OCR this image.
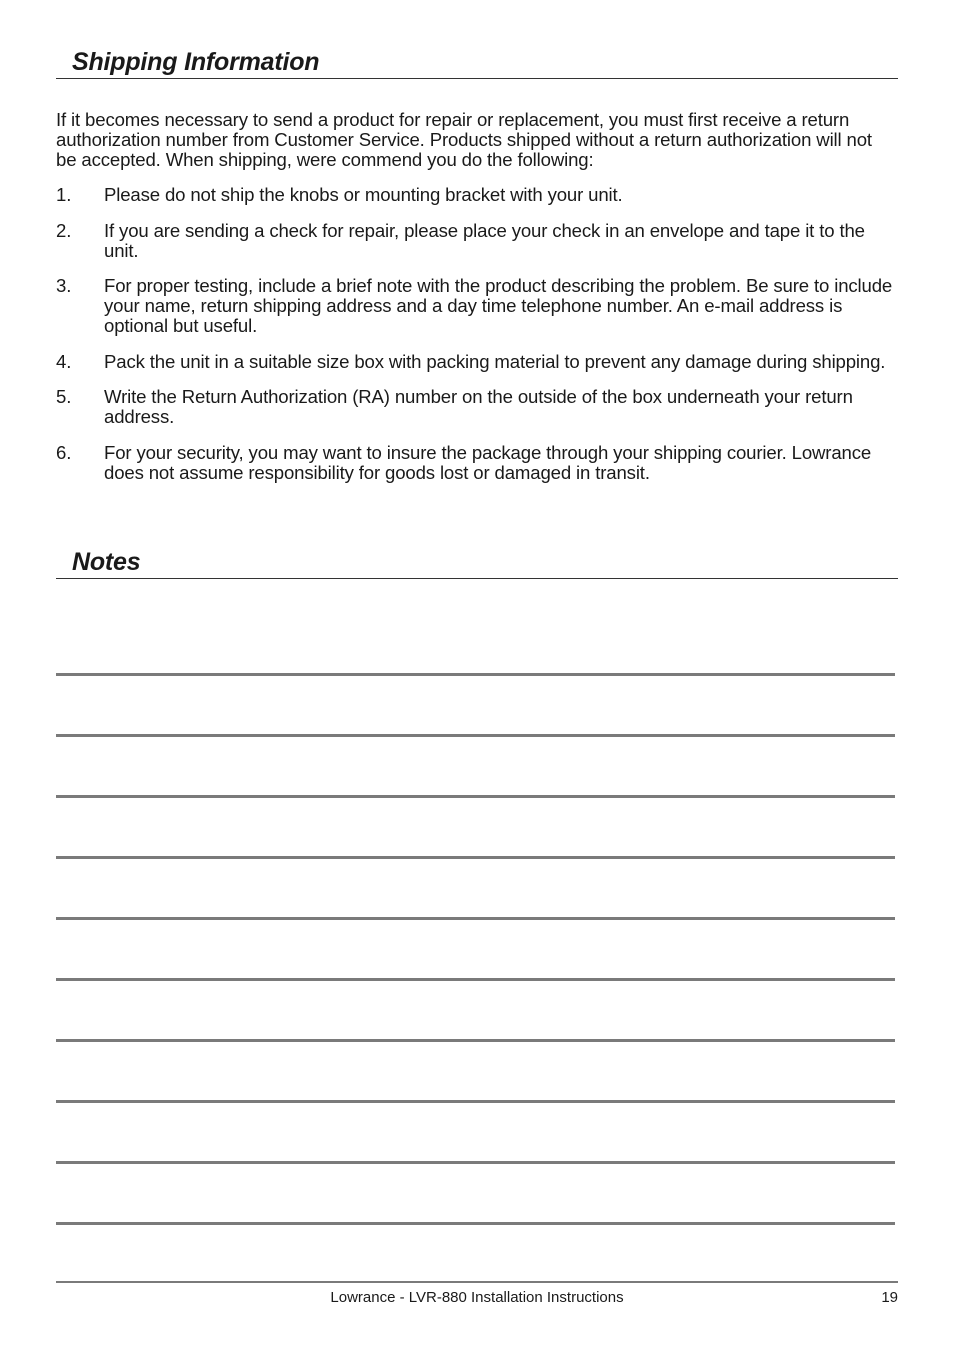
Shipping Information

If it becomes necessary to send a product for repair or replacement, you must first receive a return authorization number from Customer Service. Products shipped without a return authorization will not be accepted. When shipping, were commend you do the following:

1. Please do not ship the knobs or mounting bracket with your unit.
2. If you are sending a check for repair, please place your check in an envelope and tape it to the unit.
3. For proper testing, include a brief note with the product describing the problem. Be sure to include your name, return shipping address and a day time telephone number. An e-mail address is optional but useful.
4. Pack the unit in a suitable size box with packing material to prevent any damage during shipping.
5. Write the Return Authorization (RA) number on the outside of the box underneath your return address.
6. For your security, you may want to insure the package through your shipping courier. Lowrance does not assume responsibility for goods lost or damaged in transit.
Notes
Lowrance - LVR-880 Installation Instructions	19
